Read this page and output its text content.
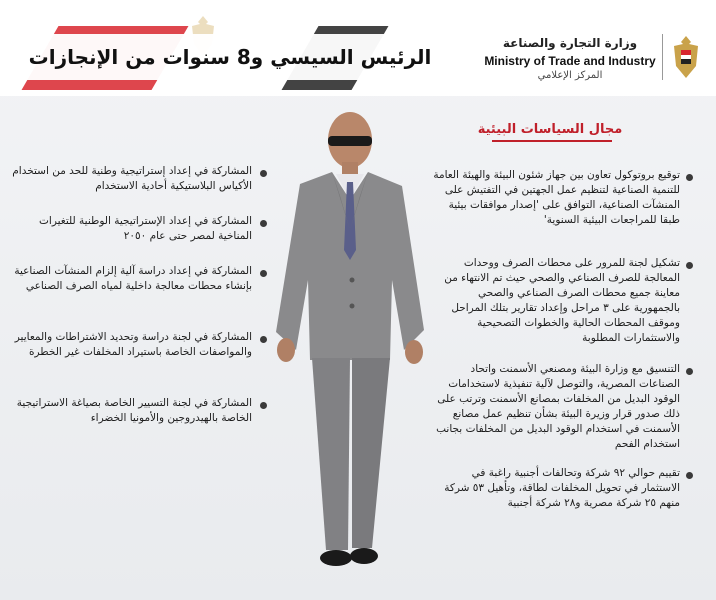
الرئيس السيسي و8 سنوات من الإنجازات
وزارة التجارة والصناعة
Ministry of Trade and Industry
المركز الإعلامي
مجال السياسات البيئية
توقيع بروتوكول تعاون بين جهاز شئون البيئة والهيئة العامة للتنمية الصناعية لتنظيم عمل الجهتين في التفتيش على المنشآت الصناعية، التوافق على 'إصدار موافقات بيئية طبقا للمراجعات البيئية السنوية'
تشكيل لجنة للمرور على محطات الصرف ووحدات المعالجة للصرف الصناعي والصحي حيث تم الانتهاء من معاينة جميع محطات الصرف الصناعي والصحي بالجمهورية على ٣ مراحل وإعداد تقارير بتلك المراحل وموقف المحطات الحالية والخطوات التصحيحية والاستثمارات المطلوبة
التنسيق مع وزارة البيئة ومصنعي الأسمنت واتحاد الصناعات المصرية، والتوصل لآلية تنفيذية لاستخدامات الوقود البديل من المخلفات بمصانع الأسمنت وترتب على ذلك صدور قرار وزيرة البيئة بشأن تنظيم عمل مصانع الأسمنت في استخدام الوقود البديل من المخلفات بجانب استخدام الفحم
تقييم حوالي ٩٢ شركة وتحالفات أجنبية راغبة في الاستثمار في تحويل المخلفات لطاقة، وتأهيل ٥٣ شركة منهم ٢٥ شركة مصرية و٢٨ شركة أجنبية
المشاركة في إعداد إستراتيجية وطنية للحد من استخدام الأكياس البلاستيكية أحادية الاستخدام
المشاركة في إعداد الإستراتيجية الوطنية للتغيرات المناخية لمصر حتى عام ٢٠٥٠
المشاركة في إعداد دراسة آلية إلزام المنشآت الصناعية بإنشاء محطات معالجة داخلية لمياه الصرف الصناعي
المشاركة في لجنة دراسة وتحديد الاشتراطات والمعايير والمواصفات الخاصة باستيراد المخلفات غير الخطرة
المشاركة في لجنة التسيير الخاصة بصياغة الاستراتيجية الخاصة بالهيدروجين والأمونيا الخضراء
